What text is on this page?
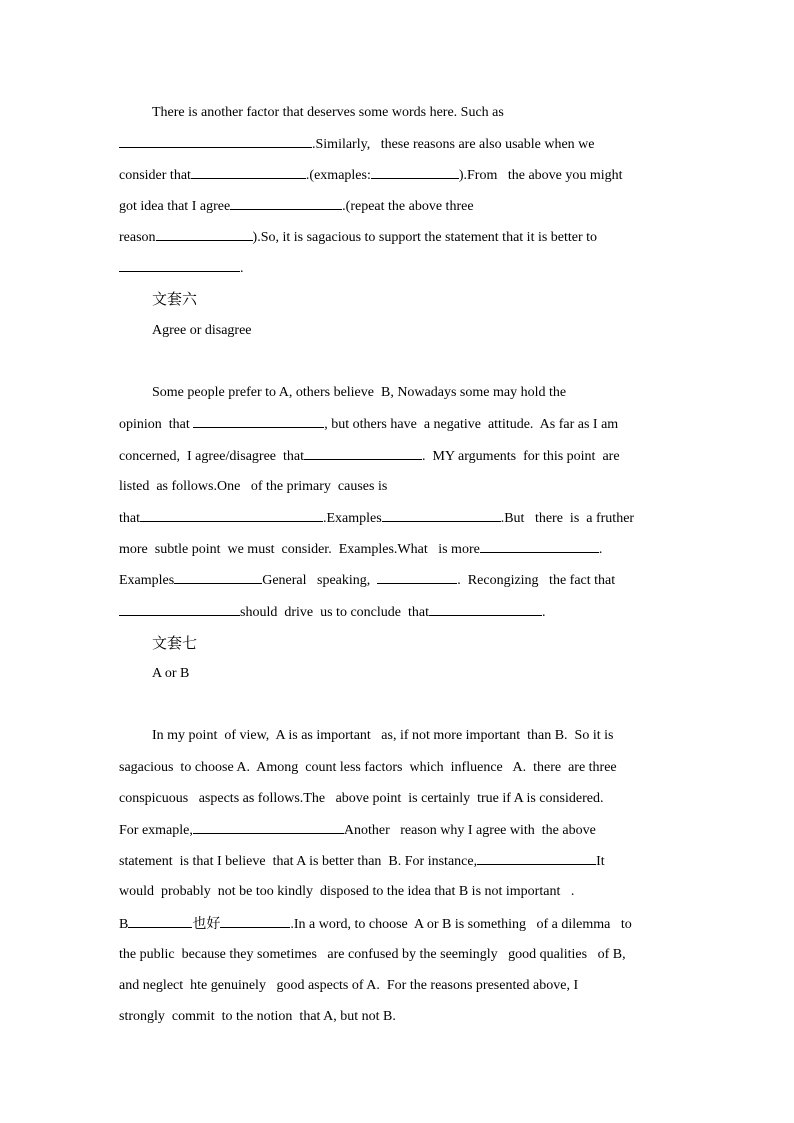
There is another factor that deserves some words here. Such as
.Similarly,   these reasons are also usable when we
consider that	.(exmaples:	).From   the above you might
got idea that I agree	.(repeat the above three
reason	).So, it is sagacious to support the statement that it is better to
.
文套六
Agree or disagree
Some people prefer to A, others believe  B, Nowadays some may hold the
opinion  that	, but others have  a negative  attitude.  As far as I am
concerned,  I agree/disagree  that	.  MY arguments  for this point  are
listed  as follows.One   of the primary  causes is
that	.Examples	.But   there  is  a fruther
more  subtle point  we must  consider.  Examples.What   is more	.
Examples	General   speaking,	.  Recongizing   the fact that
should  drive  us to conclude  that	.
文套七
A or B
In my point  of view,  A is as important   as, if not more important  than B.  So it is
sagacious  to choose A.  Among  count less factors  which  influence   A.  there  are three
conspicuous   aspects as follows.The   above point  is certainly  true if A is considered.
For exmaple,	Another   reason why I agree with  the above
statement  is that I believe  that A is better than  B. For instance,	It
would  probably  not be too kindly  disposed to the idea that B is not important   .
B	也好	.In a word, to choose  A or B is something   of a dilemma   to
the public  because they sometimes   are confused by the seemingly   good qualities   of B,
and neglect  hte genuinely   good aspects of A.  For the reasons presented above, I
strongly  commit  to the notion  that A, but not B.
